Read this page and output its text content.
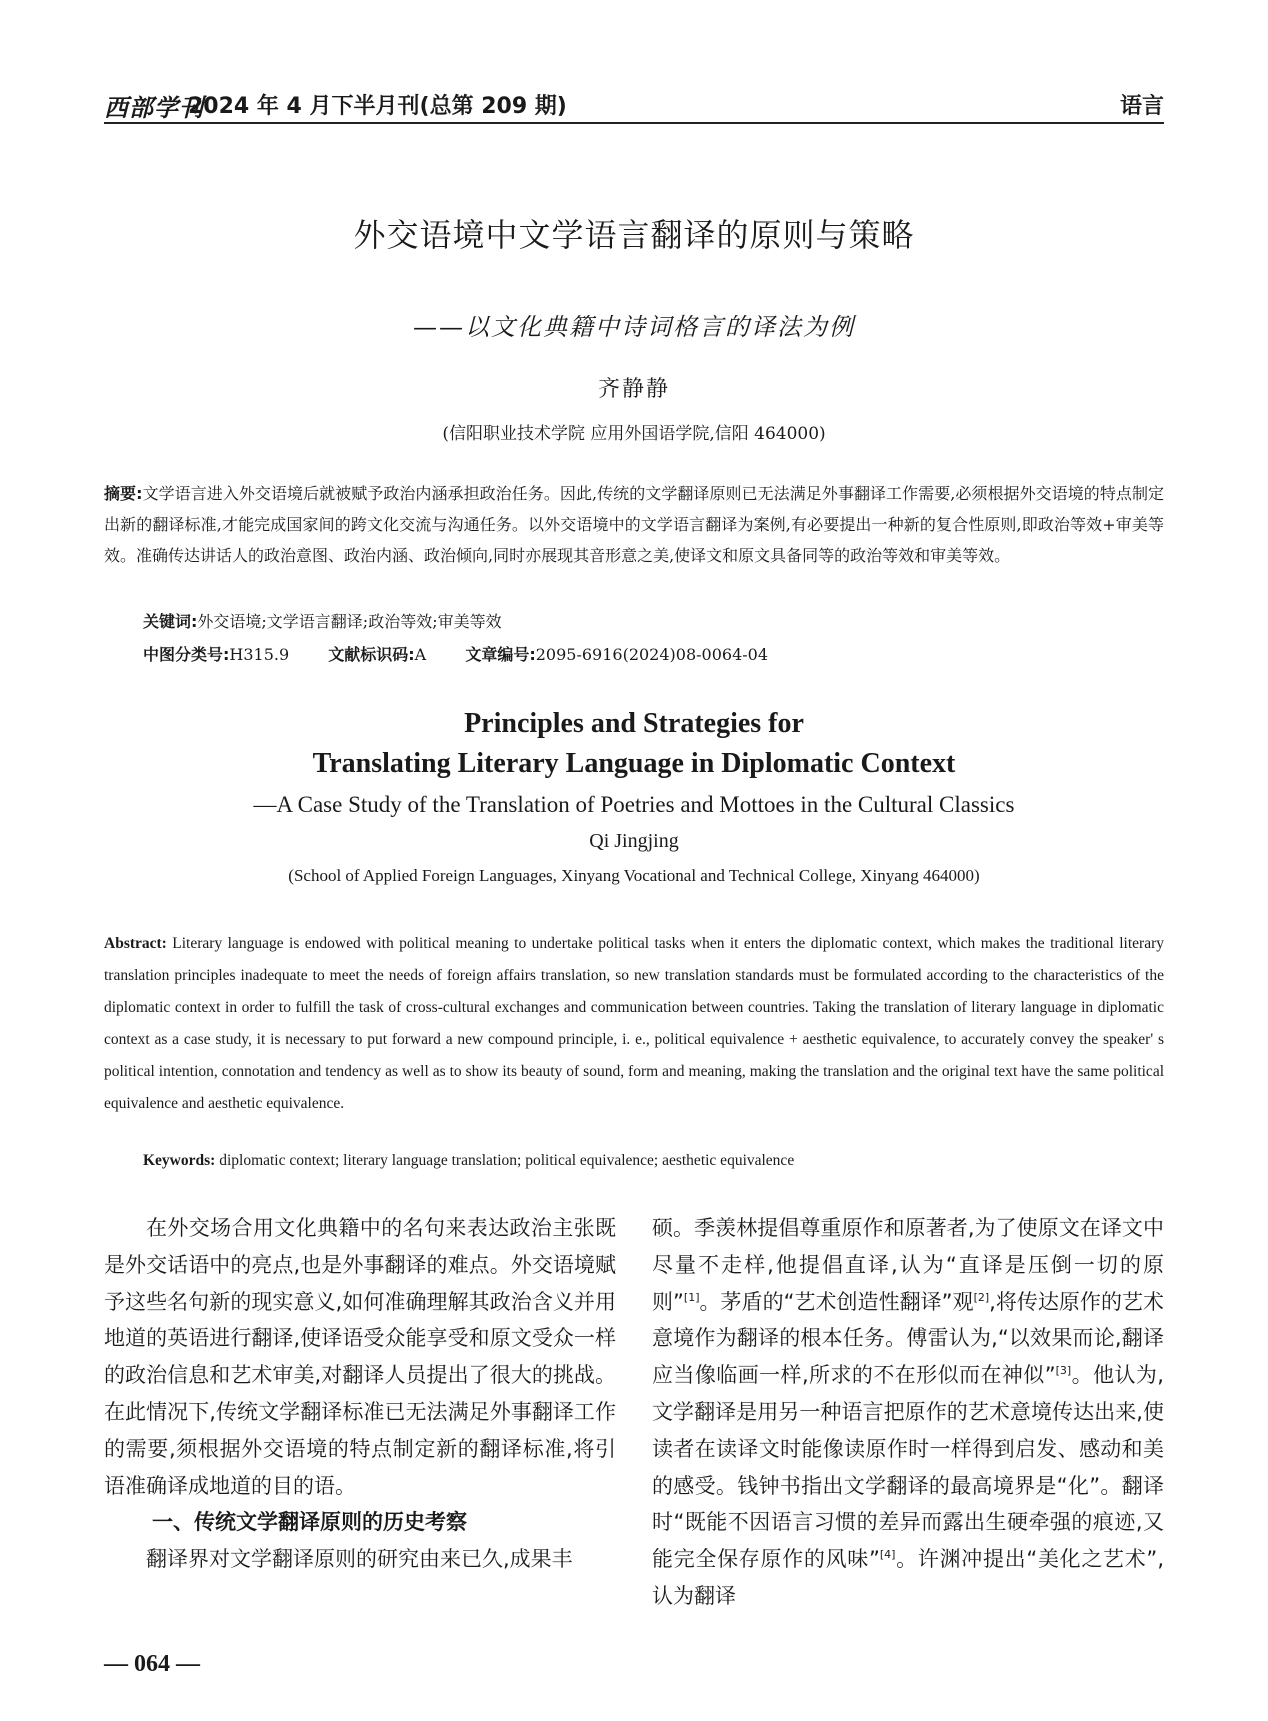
西部学刊
2024 年 4 月下半月刊(总第 209 期)	语言
外交语境中文学语言翻译的原则与策略
——以文化典籍中诗词格言的译法为例
齐静静
(信阳职业技术学院 应用外国语学院,信阳 464000)
摘要:文学语言进入外交语境后就被赋予政治内涵承担政治任务。因此,传统的文学翻译原则已无法满足外事翻译工作需要,必须根据外交语境的特点制定出新的翻译标准,才能完成国家间的跨文化交流与沟通任务。以外交语境中的文学语言翻译为案例,有必要提出一种新的复合性原则,即政治等效+审美等效。准确传达讲话人的政治意图、政治内涵、政治倾向,同时亦展现其音形意之美,使译文和原文具备同等的政治等效和审美等效。
关键词:外交语境;文学语言翻译;政治等效;审美等效
中图分类号:H315.9 文献标识码:A 文章编号:2095-6916(2024)08-0064-04
Principles and Strategies for
Translating Literary Language in Diplomatic Context
—A Case Study of the Translation of Poetries and Mottoes in the Cultural Classics
Qi Jingjing
(School of Applied Foreign Languages, Xinyang Vocational and Technical College, Xinyang 464000)
Abstract: Literary language is endowed with political meaning to undertake political tasks when it enters the diplomatic context, which makes the traditional literary translation principles inadequate to meet the needs of foreign affairs translation, so new translation standards must be formulated according to the characteristics of the diplomatic context in order to fulfill the task of cross-cultural exchanges and communication between countries. Taking the translation of literary language in diplomatic context as a case study, it is necessary to put forward a new compound principle, i. e., political equivalence + aesthetic equivalence, to accurately convey the speaker' s political intention, connotation and tendency as well as to show its beauty of sound, form and meaning, making the translation and the original text have the same political equivalence and aesthetic equivalence.
Keywords: diplomatic context; literary language translation; political equivalence; aesthetic equivalence

在外交场合用文化典籍中的名句来表达政治主张既是外交话语中的亮点,也是外事翻译的难点。外交语境赋予这些名句新的现实意义,如何准确理解其政治含义并用地道的英语进行翻译,使译语受众能享受和原文受众一样的政治信息和艺术审美,对翻译人员提出了很大的挑战。在此情况下,传统文学翻译标准已无法满足外事翻译工作的需要,须根据外交语境的特点制定新的翻译标准,将引语准确译成地道的目的语。

一、传统文学翻译原则的历史考察

翻译界对文学翻译原则的研究由来已久,成果丰

硕。季羡林提倡尊重原作和原著者,为了使原文在译文中尽量不走样,他提倡直译,认为“直译是压倒一切的原则”[1]。茅盾的“艺术创造性翻译”观[2],将传达原作的艺术意境作为翻译的根本任务。傅雷认为,“以效果而论,翻译应当像临画一样,所求的不在形似而在神似”[3]。他认为,文学翻译是用另一种语言把原作的艺术意境传达出来,使读者在读译文时能像读原作时一样得到启发、感动和美的感受。钱钟书指出文学翻译的最高境界是“化”。翻译时“既能不因语言习惯的差异而露出生硬牵强的痕迹,又能完全保存原作的风味”[4]。许渊冲提出“美化之艺术”,认为翻译

— 064 —
